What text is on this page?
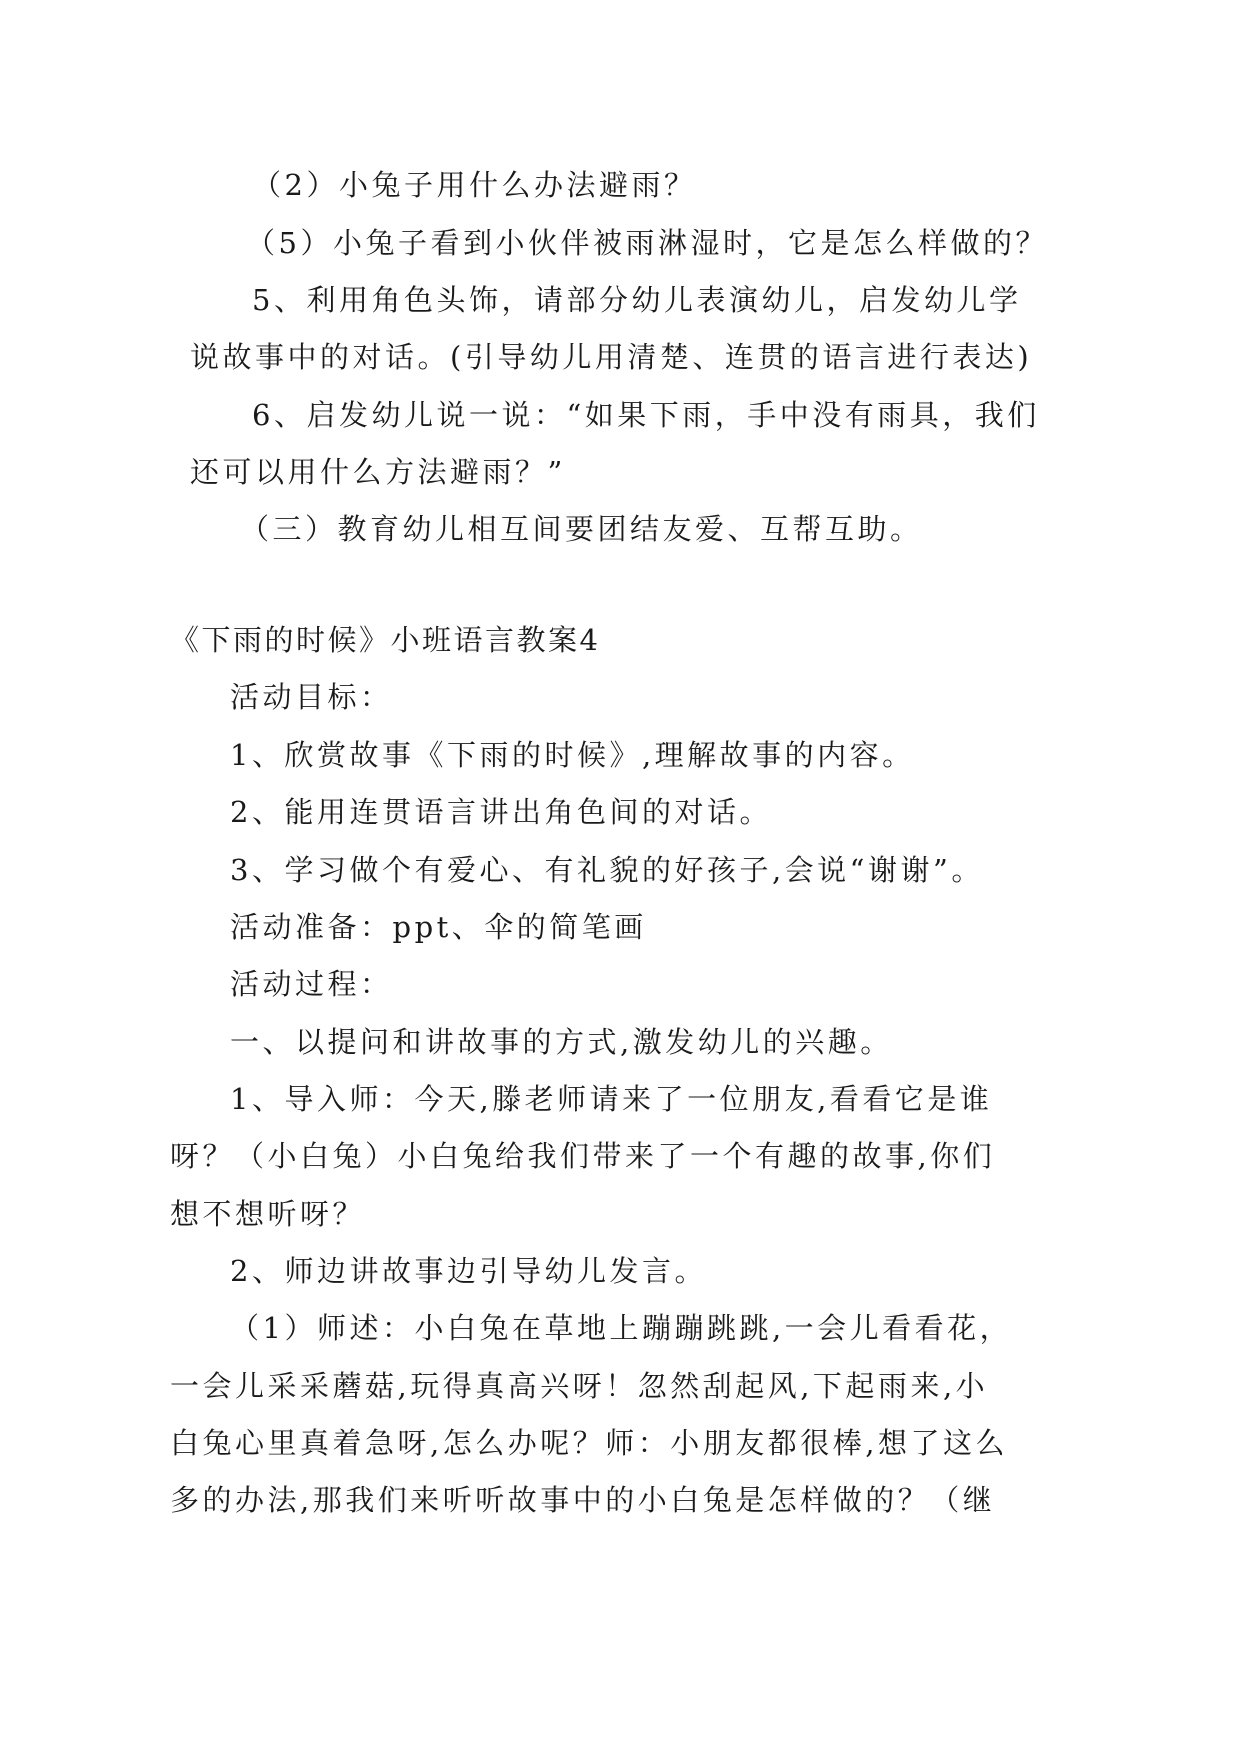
（2）小兔子用什么办法避雨？
（5）小兔子看到小伙伴被雨淋湿时，它是怎么样做的？
5、利用角色头饰，请部分幼儿表演幼儿，启发幼儿学
说故事中的对话。(引导幼儿用清楚、连贯的语言进行表达)
6、启发幼儿说一说：“如果下雨，手中没有雨具，我们
还可以用什么方法避雨？”
（三）教育幼儿相互间要团结友爱、互帮互助。
《下雨的时候》小班语言教案4
活动目标：
1、欣赏故事《下雨的时候》,理解故事的内容。
2、能用连贯语言讲出角色间的对话。
3、学习做个有爱心、有礼貌的好孩子,会说“谢谢”。
活动准备：ppt、伞的简笔画
活动过程：
一、以提问和讲故事的方式,激发幼儿的兴趣。
1、导入师：今天,滕老师请来了一位朋友,看看它是谁
呀？（小白兔）小白兔给我们带来了一个有趣的故事,你们
想不想听呀？
2、师边讲故事边引导幼儿发言。
（1）师述：小白兔在草地上蹦蹦跳跳,一会儿看看花，
一会儿采采蘑菇,玩得真高兴呀！忽然刮起风,下起雨来,小
白兔心里真着急呀,怎么办呢？师：小朋友都很棒,想了这么
多的办法,那我们来听听故事中的小白兔是怎样做的？（继
